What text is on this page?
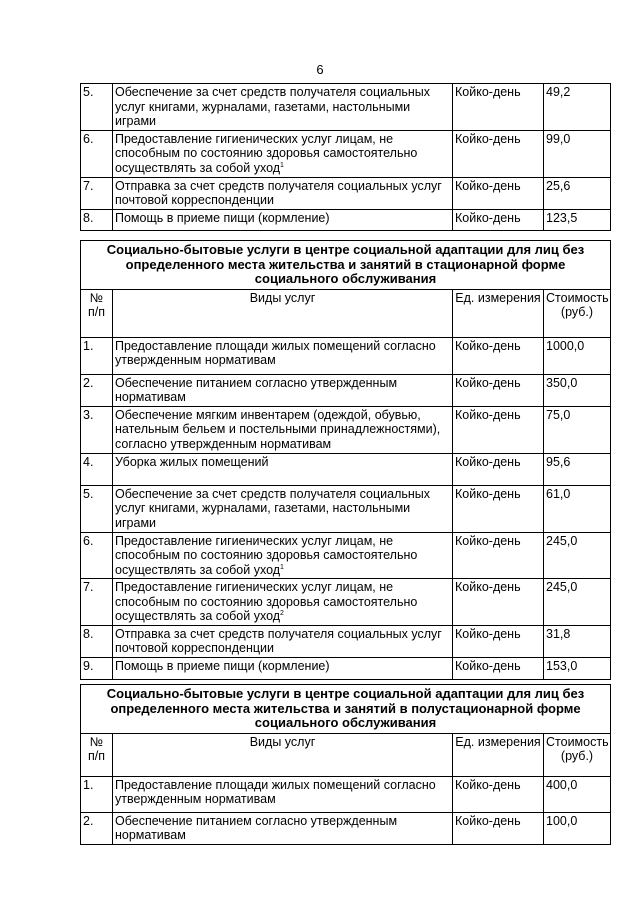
6
5.	Обеспечение за счет средств получателя социальных услуг книгами, журналами, газетами, настольными играми	Койко-день	49,2
6.	Предоставление гигиенических услуг лицам, не способным по состоянию здоровья самостоятельно осуществлять за собой уход$^1$	Койко-день	99,0
7.	Отправка за счет средств получателя социальных услуг почтовой корреспонденции	Койко-день	25,6
8.	Помощь в приеме пищи (кормление)	Койко-день	123,5
Социально-бытовые услуги в центре социальной адаптации для лиц без определенного места жительства и занятий в стационарной форме социального обслуживания			
№ п/п	Виды услуг	Ед. измерения	Стоимость (руб.)
1.	Предоставление площади жилых помещений согласно утвержденным нормативам	Койко-день	1000,0
2.	Обеспечение питанием согласно утвержденным нормативам	Койко-день	350,0
3.	Обеспечение мягким инвентарем (одеждой, обувью, нательным бельем и постельными принадлежностями), согласно утвержденным нормативам	Койко-день	75,0
4.	Уборка жилых помещений	Койко-день	95,6
5.	Обеспечение за счет средств получателя социальных услуг книгами, журналами, газетами, настольными играми	Койко-день	61,0
6.	Предоставление гигиенических услуг лицам, не способным по состоянию здоровья самостоятельно осуществлять за собой уход$^1$	Койко-день	245,0
7.	Предоставление гигиенических услуг лицам, не способным по состоянию здоровья самостоятельно осуществлять за собой уход$^2$	Койко-день	245,0
8.	Отправка за счет средств получателя социальных услуг почтовой корреспонденции	Койко-день	31,8
9.	Помощь в приеме пищи (кормление)	Койко-день	153,0
Социально-бытовые услуги в центре социальной адаптации для лиц без определенного места жительства и занятий в полустационарной форме социального обслуживания			
№ п/п	Виды услуг	Ед. измерения	Стоимость (руб.)
1.	Предоставление площади жилых помещений согласно утвержденным нормативам	Койко-день	400,0
2.	Обеспечение питанием согласно утвержденным нормативам	Койко-день	100,0
